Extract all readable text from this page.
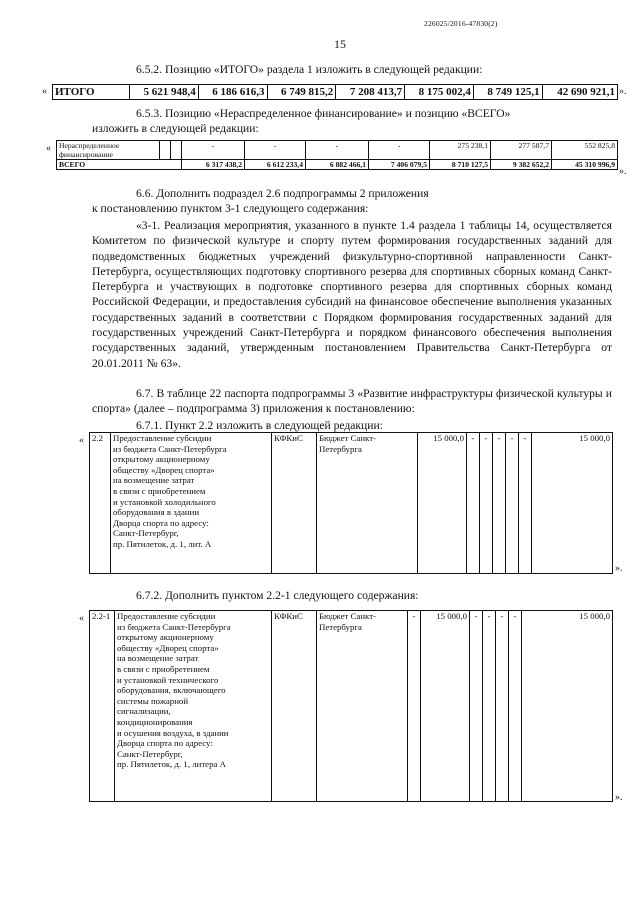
226025/2016-47830(2)
15
6.5.2. Позицию «ИТОГО» раздела 1 изложить в следующей редакции:
« ИТОГО	5 621 948,4	6 186 616,3	6 749 815,2	7 208 413,7	8 175 002,4	8 749 125,1	42 690 921,1 ».
6.5.3. Позицию «Нераспределенное финансирование» и позицию «ВСЕГО»
изложить в следующей редакции:
« Нераспределенное финансирование			-	-	-	-	275 238,1	277 587,7	552 825,8
ВСЕГО			6 317 438,2	6 612 233,4	6 882 466,1	7 406 079,5	8 710 127,5	9 382 652,2	45 310 996,9
».
6.6. Дополнить подраздел 2.6 подпрограммы 2 приложения
к постановлению пунктом 3-1 следующего содержания:
«3-1. Реализация мероприятия, указанного в пункте 1.4 раздела 1 таблицы 14, осуществляется Комитетом по физической культуре и спорту путем формирования государственных заданий для подведомственных бюджетных учреждений физкультурно-спортивной направленности Санкт-Петербурга, осуществляющих подготовку спортивного резерва для спортивных сборных команд Санкт-Петербурга и участвующих в подготовке спортивного резерва для спортивных сборных команд Российской Федерации, и предоставления субсидий на финансовое обеспечение выполнения указанных государственных заданий в соответствии с Порядком формирования государственных заданий для государственных учреждений Санкт-Петербурга и порядком финансового обеспечения выполнения государственных заданий, утвержденным постановлением Правительства Санкт-Петербурга от 20.01.2011 № 63».
6.7. В таблице 22 паспорта подпрограммы 3 «Развитие инфраструктуры физической культуры и спорта» (далее – подпрограмма 3) приложения к постановлению:
6.7.1. Пункт 2.2 изложить в следующей редакции:
« 2.2	Предоставление субсидии
из бюджета Санкт-Петербурга
открытому акционерному
обществу «Дворец спорта»
на возмещение затрат
в связи с приобретением
и установкой холодильного
оборудования в здании
Дворца спорта по адресу:
Санкт-Петербург,
пр. Пятилеток, д. 1, лит. А	КФКиС	Бюджет Санкт-Петербурга	15 000,0	-	-	-	-	-	15 000,0
».
6.7.2. Дополнить пунктом 2.2-1 следующего содержания:
« 2.2-1	Предоставление субсидии
из бюджета Санкт-Петербурга
открытому акционерному
обществу «Дворец спорта»
на возмещение затрат
в связи с приобретением
и установкой технического
оборудования, включающего
системы пожарной
сигнализации,
кондиционирования
и осушения воздуха, в здании
Дворца спорта по адресу:
Санкт-Петербург,
пр. Пятилеток, д. 1, литера А	КФКиС	Бюджет Санкт-Петербурга	-	15 000,0	-	-	-	-	15 000,0
».
